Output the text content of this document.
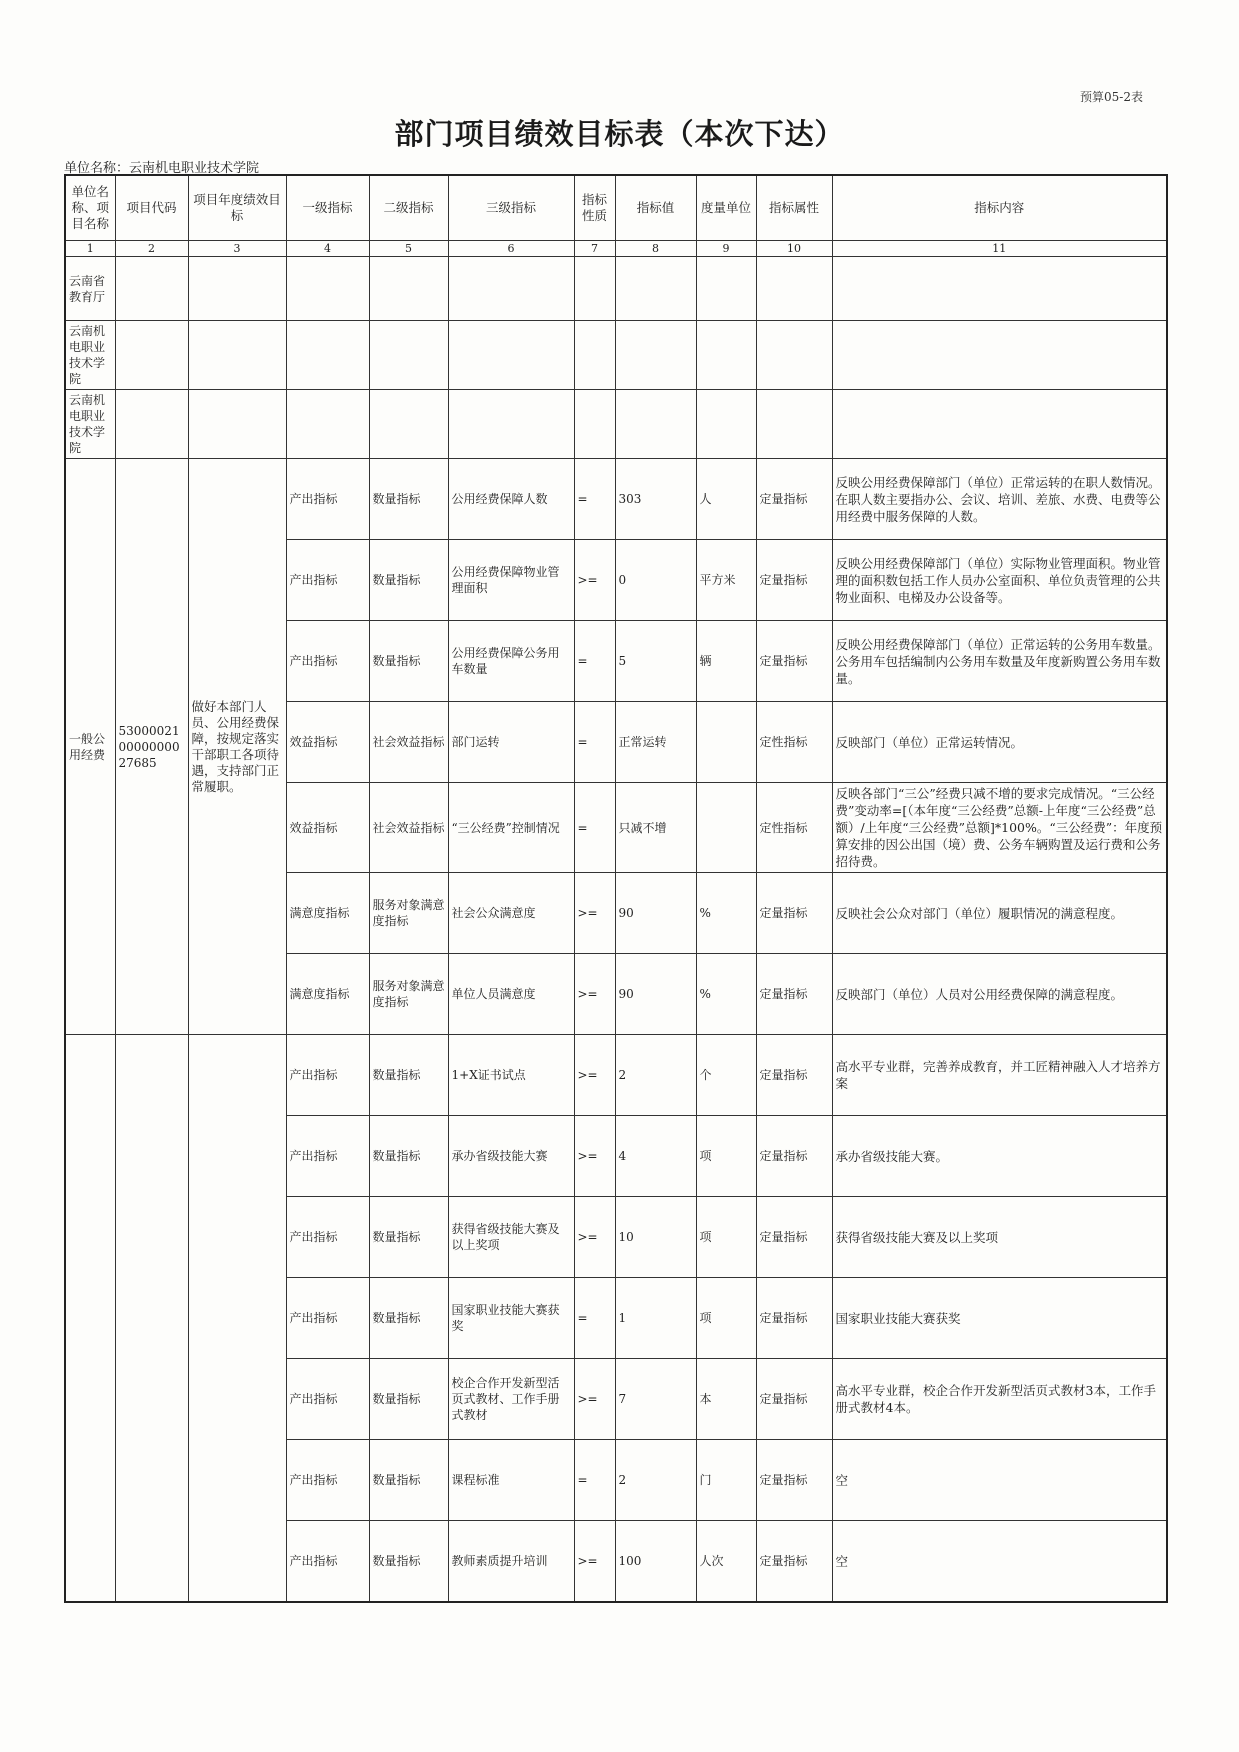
预算05-2表
部门项目绩效目标表（本次下达）
单位名称：云南机电职业技术学院
单位名称、项目名称	项目代码	项目年度绩效目标	一级指标	二级指标	三级指标	指标性质	指标值	度量单位	指标属性	指标内容
1	2	3	4	5	6	7	8	9	10	11
云南省教育厅										
云南机电职业技术学院										
云南机电职业技术学院										
一般公用经费	530000210000000027685	做好本部门人员、公用经费保障，按规定落实干部职工各项待遇，支持部门正常履职。	产出指标	数量指标	公用经费保障人数	=	303	人	定量指标	反映公用经费保障部门（单位）正常运转的在职人数情况。在职人数主要指办公、会议、培训、差旅、水费、电费等公用经费中服务保障的人数。
			产出指标	数量指标	公用经费保障物业管理面积	>=	0	平方米	定量指标	反映公用经费保障部门（单位）实际物业管理面积。物业管理的面积数包括工作人员办公室面积、单位负责管理的公共物业面积、电梯及办公设备等。
			产出指标	数量指标	公用经费保障公务用车数量	=	5	辆	定量指标	反映公用经费保障部门（单位）正常运转的公务用车数量。公务用车包括编制内公务用车数量及年度新购置公务用车数量。
			效益指标	社会效益指标	部门运转	=	正常运转		定性指标	反映部门（单位）正常运转情况。
			效益指标	社会效益指标	“三公经费”控制情况	=	只减不增		定性指标	反映各部门“三公”经费只减不增的要求完成情况。“三公经费”变动率=[（本年度“三公经费”总额-上年度“三公经费”总额）/上年度“三公经费”总额]*100%。“三公经费”：年度预算安排的因公出国（境）费、公务车辆购置及运行费和公务招待费。
			满意度指标	服务对象满意度指标	社会公众满意度	>=	90	%	定量指标	反映社会公众对部门（单位）履职情况的满意程度。
			满意度指标	服务对象满意度指标	单位人员满意度	>=	90	%	定量指标	反映部门（单位）人员对公用经费保障的满意程度。
			产出指标	数量指标	1+X证书试点	>=	2	个	定量指标	高水平专业群，完善养成教育，并工匠精神融入人才培养方案
			产出指标	数量指标	承办省级技能大赛	>=	4	项	定量指标	承办省级技能大赛。
			产出指标	数量指标	获得省级技能大赛及以上奖项	>=	10	项	定量指标	获得省级技能大赛及以上奖项
			产出指标	数量指标	国家职业技能大赛获奖	=	1	项	定量指标	国家职业技能大赛获奖
			产出指标	数量指标	校企合作开发新型活页式教材、工作手册式教材	>=	7	本	定量指标	高水平专业群，校企合作开发新型活页式教材3本，工作手册式教材4本。
			产出指标	数量指标	课程标准	=	2	门	定量指标	空
			产出指标	数量指标	教师素质提升培训	>=	100	人次	定量指标	空
